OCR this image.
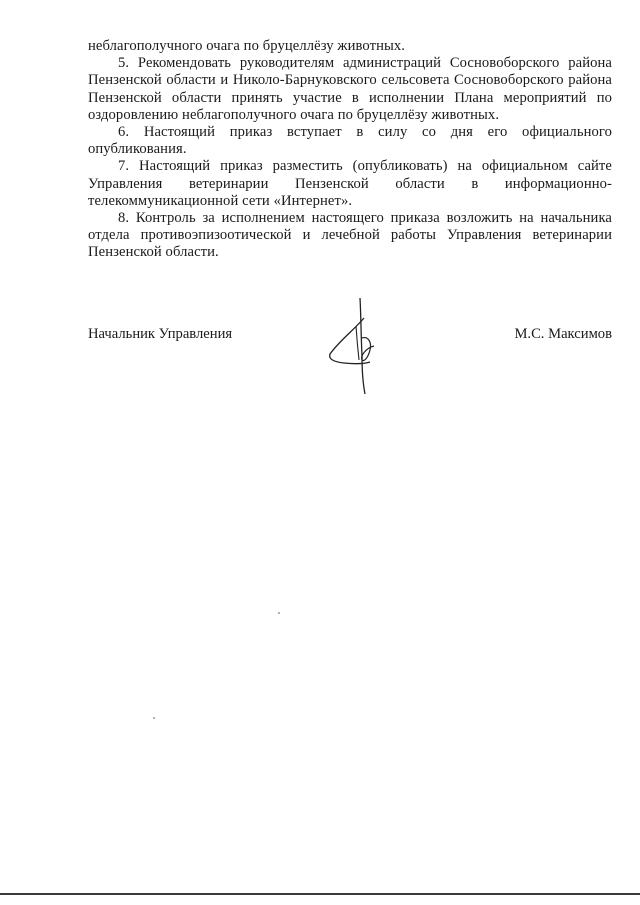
неблагополучного очага по бруцеллёзу животных.

5. Рекомендовать руководителям администраций Сосновоборского района Пензенской области и Николо-Барнуковского сельсовета Сосновоборского района Пензенской области принять участие в исполнении Плана мероприятий по оздоровлению неблагополучного очага по бруцеллёзу животных.

6. Настоящий приказ вступает в силу со дня его официального опубликования.

7. Настоящий приказ разместить (опубликовать) на официальном сайте Управления ветеринарии Пензенской области в информационно-телекоммуникационной сети «Интернет».

8. Контроль за исполнением настоящего приказа возложить на начальника отдела противоэпизоотической и лечебной работы Управления ветеринарии Пензенской области.

Начальник Управления	М.С. Максимов
